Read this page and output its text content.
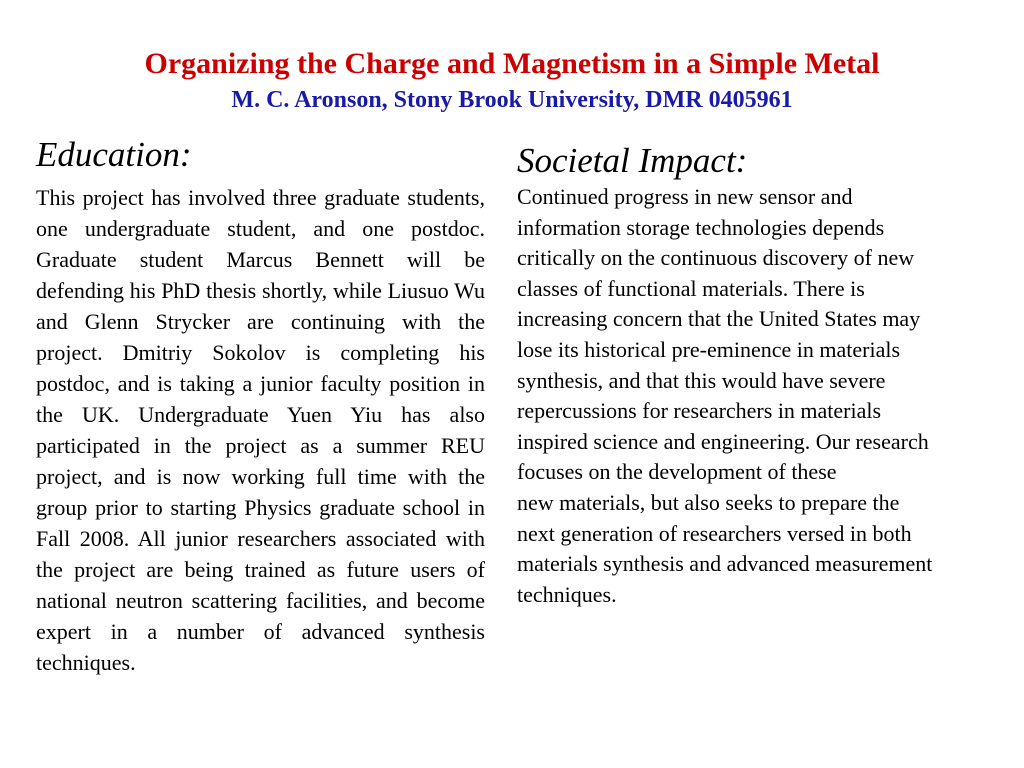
Organizing the Charge and Magnetism in a Simple Metal
M. C. Aronson, Stony Brook University, DMR 0405961
Education:

This project has involved three graduate students, one undergraduate student, and one postdoc. Graduate student Marcus Bennett will be defending his PhD thesis shortly, while Liusuo Wu and Glenn Strycker are continuing with the project. Dmitriy Sokolov is completing his postdoc, and is taking a junior faculty position in the UK. Undergraduate Yuen Yiu has also participated in the project as a summer REU project, and is now working full time with the group prior to starting Physics graduate school in Fall 2008. All junior researchers associated with the project are being trained as future users of national neutron scattering facilities, and become expert in a number of advanced synthesis techniques.

Societal Impact:

Continued progress in new sensor and
information storage technologies depends
critically on the continuous discovery of new
classes of functional materials. There is
increasing concern that the United States may
lose its historical pre-eminence in materials
synthesis, and that this would have severe
repercussions for researchers in materials
inspired science and engineering. Our research
focuses on the development of these
new materials, but also seeks to prepare the
next generation of researchers versed in both
materials synthesis and advanced measurement
techniques.
